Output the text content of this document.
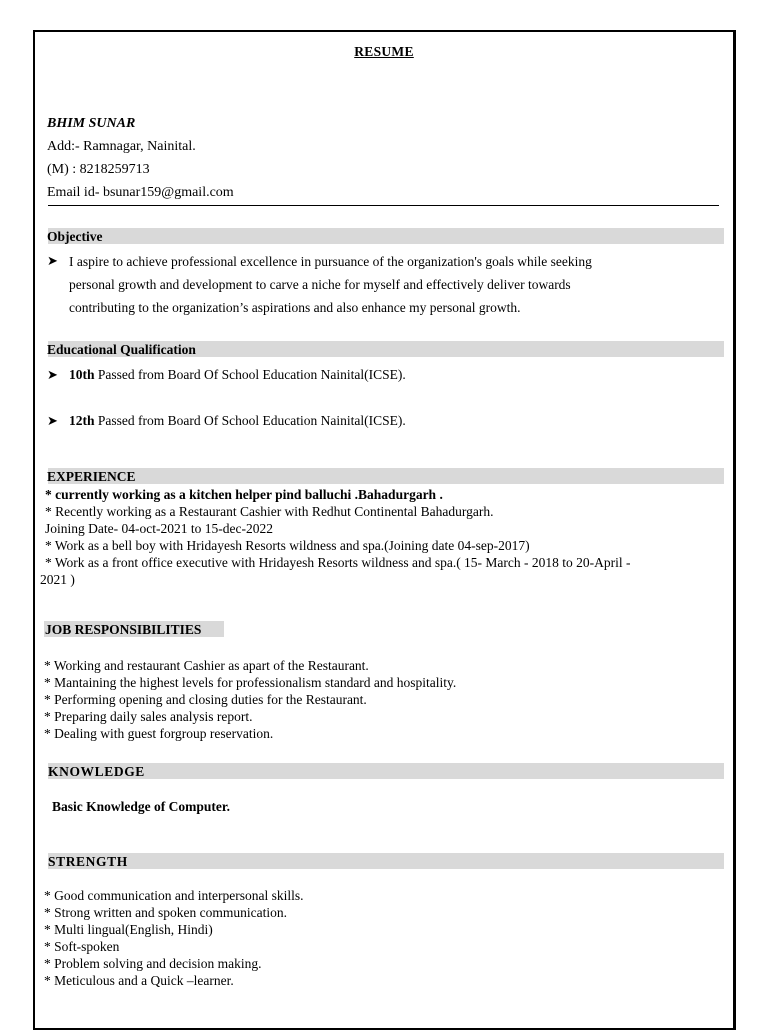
RESUME
BHIM SUNAR
Add:- Ramnagar, Nainital.
(M) : 8218259713
Email id- bsunar159@gmail.com
Objective
➤ I aspire to achieve professional excellence in pursuance of the organization's goals while seeking
personal growth and development to carve a niche for myself and effectively deliver towards
contributing to the organization’s aspirations and also enhance my personal growth.
Educational Qualification
➤ 10th Passed from Board Of School Education Nainital(ICSE).
➤ 12th Passed from Board Of School Education Nainital(ICSE).
EXPERIENCE
* currently working as a kitchen helper pind balluchi .Bahadurgarh .
* Recently working as a Restaurant Cashier with Redhut Continental Bahadurgarh.
Joining Date- 04-oct-2021 to 15-dec-2022
* Work as a bell boy with Hridayesh Resorts wildness and spa.(Joining date 04-sep-2017)
* Work as a front office executive with Hridayesh Resorts wildness and spa.( 15- March - 2018 to 20-April -
2021 )
JOB RESPONSIBILITIES
* Working and restaurant Cashier as apart of the Restaurant.
* Mantaining the highest levels for professionalism standard and hospitality.
* Performing opening and closing duties for the Restaurant.
* Preparing daily sales analysis report.
* Dealing with guest forgroup reservation.
KNOWLEDGE
Basic Knowledge of Computer.
STRENGTH
* Good communication and interpersonal skills.
* Strong written and spoken communication.
* Multi lingual(English, Hindi)
* Soft-spoken
* Problem solving and decision making.
* Meticulous and a Quick –learner.
